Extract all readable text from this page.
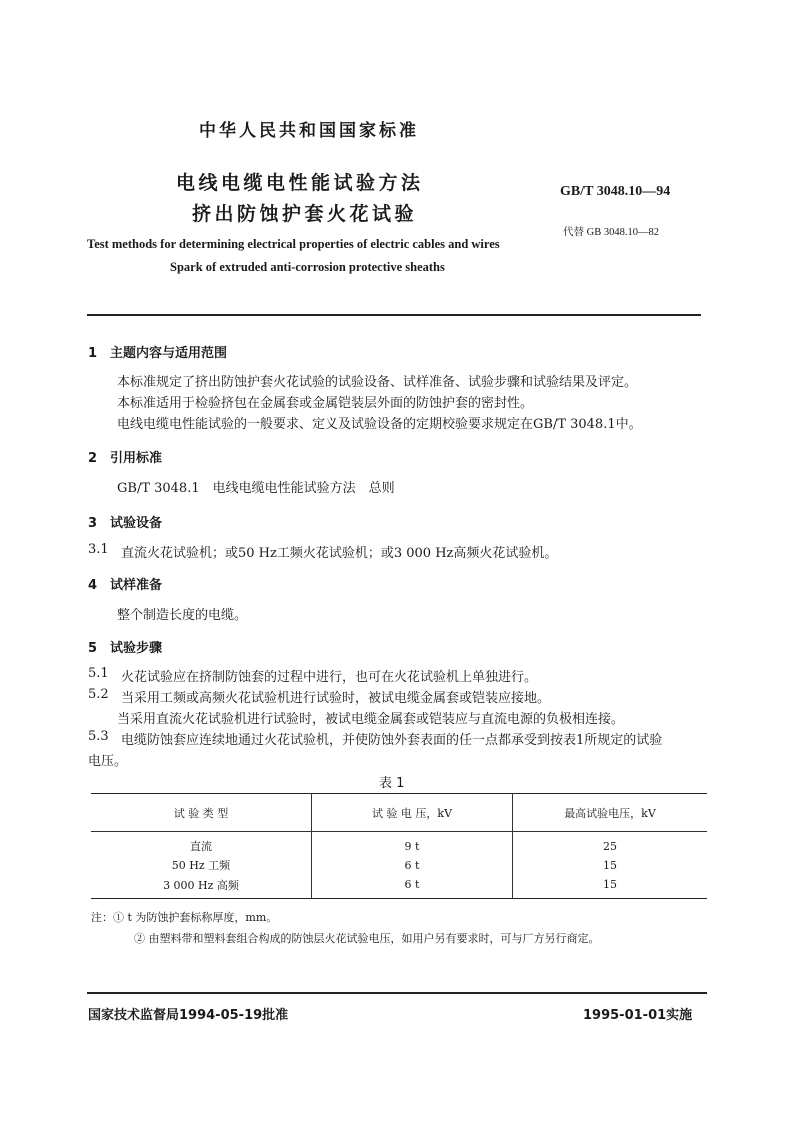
中华人民共和国国家标准
电线电缆电性能试验方法
挤出防蚀护套火花试验
GB/T 3048.10—94
代替 GB 3048.10—82
Test methods for determining electrical properties of electric cables and wires
Spark of extruded anti-corrosion protective sheaths
1　主题内容与适用范围
本标准规定了挤出防蚀护套火花试验的试验设备、试样准备、试验步骤和试验结果及评定。
本标准适用于检验挤包在金属套或金属铠装层外面的防蚀护套的密封性。
电线电缆电性能试验的一般要求、定义及试验设备的定期校验要求规定在GB/T 3048.1中。
2　引用标准
GB/T 3048.1　电线电缆电性能试验方法　总则
3　试验设备
3.1 直流火花试验机；或50 Hz工频火花试验机；或3 000 Hz高频火花试验机。
4　试样准备
整个制造长度的电缆。
5　试验步骤
5.1 火花试验应在挤制防蚀套的过程中进行，也可在火花试验机上单独进行。
5.2 当采用工频或高频火花试验机进行试验时，被试电缆金属套或铠装应接地。
当采用直流火花试验机进行试验时，被试电缆金属套或铠装应与直流电源的负极相连接。
5.3 电缆防蚀套应连续地通过火花试验机，并使防蚀外套表面的任一点都承受到按表1所规定的试验
电压。
表 1
试 验 类 型	试 验 电 压，kV	最高试验电压，kV
直流	9 t	25
50 Hz 工频	6 t	15
3 000 Hz 高频	6 t	15
注：① t 为防蚀护套标称厚度，mm。
② 由塑料带和塑料套组合构成的防蚀层火花试验电压，如用户另有要求时，可与厂方另行商定。
国家技术监督局1994-05-19批准	1995-01-01实施
